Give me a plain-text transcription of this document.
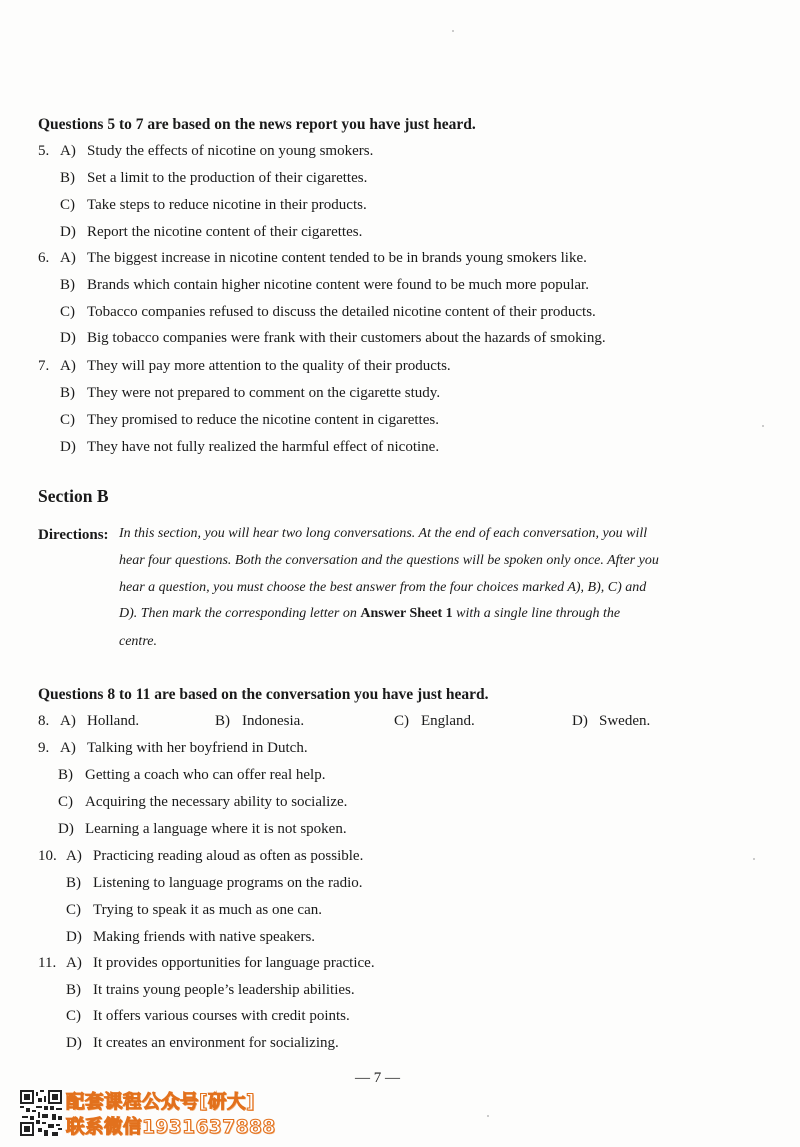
Questions 5 to 7 are based on the news report you have just heard.
5. A) Study the effects of nicotine on young smokers.
B) Set a limit to the production of their cigarettes.
C) Take steps to reduce nicotine in their products.
D) Report the nicotine content of their cigarettes.
6. A) The biggest increase in nicotine content tended to be in brands young smokers like.
B) Brands which contain higher nicotine content were found to be much more popular.
C) Tobacco companies refused to discuss the detailed nicotine content of their products.
D) Big tobacco companies were frank with their customers about the hazards of smoking.
7. A) They will pay more attention to the quality of their products.
B) They were not prepared to comment on the cigarette study.
C) They promised to reduce the nicotine content in cigarettes.
D) They have not fully realized the harmful effect of nicotine.
Section B
Directions: In this section, you will hear two long conversations. At the end of each conversation, you will
hear four questions. Both the conversation and the questions will be spoken only once. After you
hear a question, you must choose the best answer from the four choices marked A), B), C) and
D). Then mark the corresponding letter on Answer Sheet 1 with a single line through the
centre.
Questions 8 to 11 are based on the conversation you have just heard.
8. A) Holland.	B) Indonesia.	C) England.	D) Sweden.
9. A) Talking with her boyfriend in Dutch.
B) Getting a coach who can offer real help.
C) Acquiring the necessary ability to socialize.
D) Learning a language where it is not spoken.
10. A) Practicing reading aloud as often as possible.
B) Listening to language programs on the radio.
C) Trying to speak it as much as one can.
D) Making friends with native speakers.
11. A) It provides opportunities for language practice.
B) It trains young people’s leadership abilities.
C) It offers various courses with credit points.
D) It creates an environment for socializing.
— 7 —
配套课程公众号[研大]
联系微信1931637888
